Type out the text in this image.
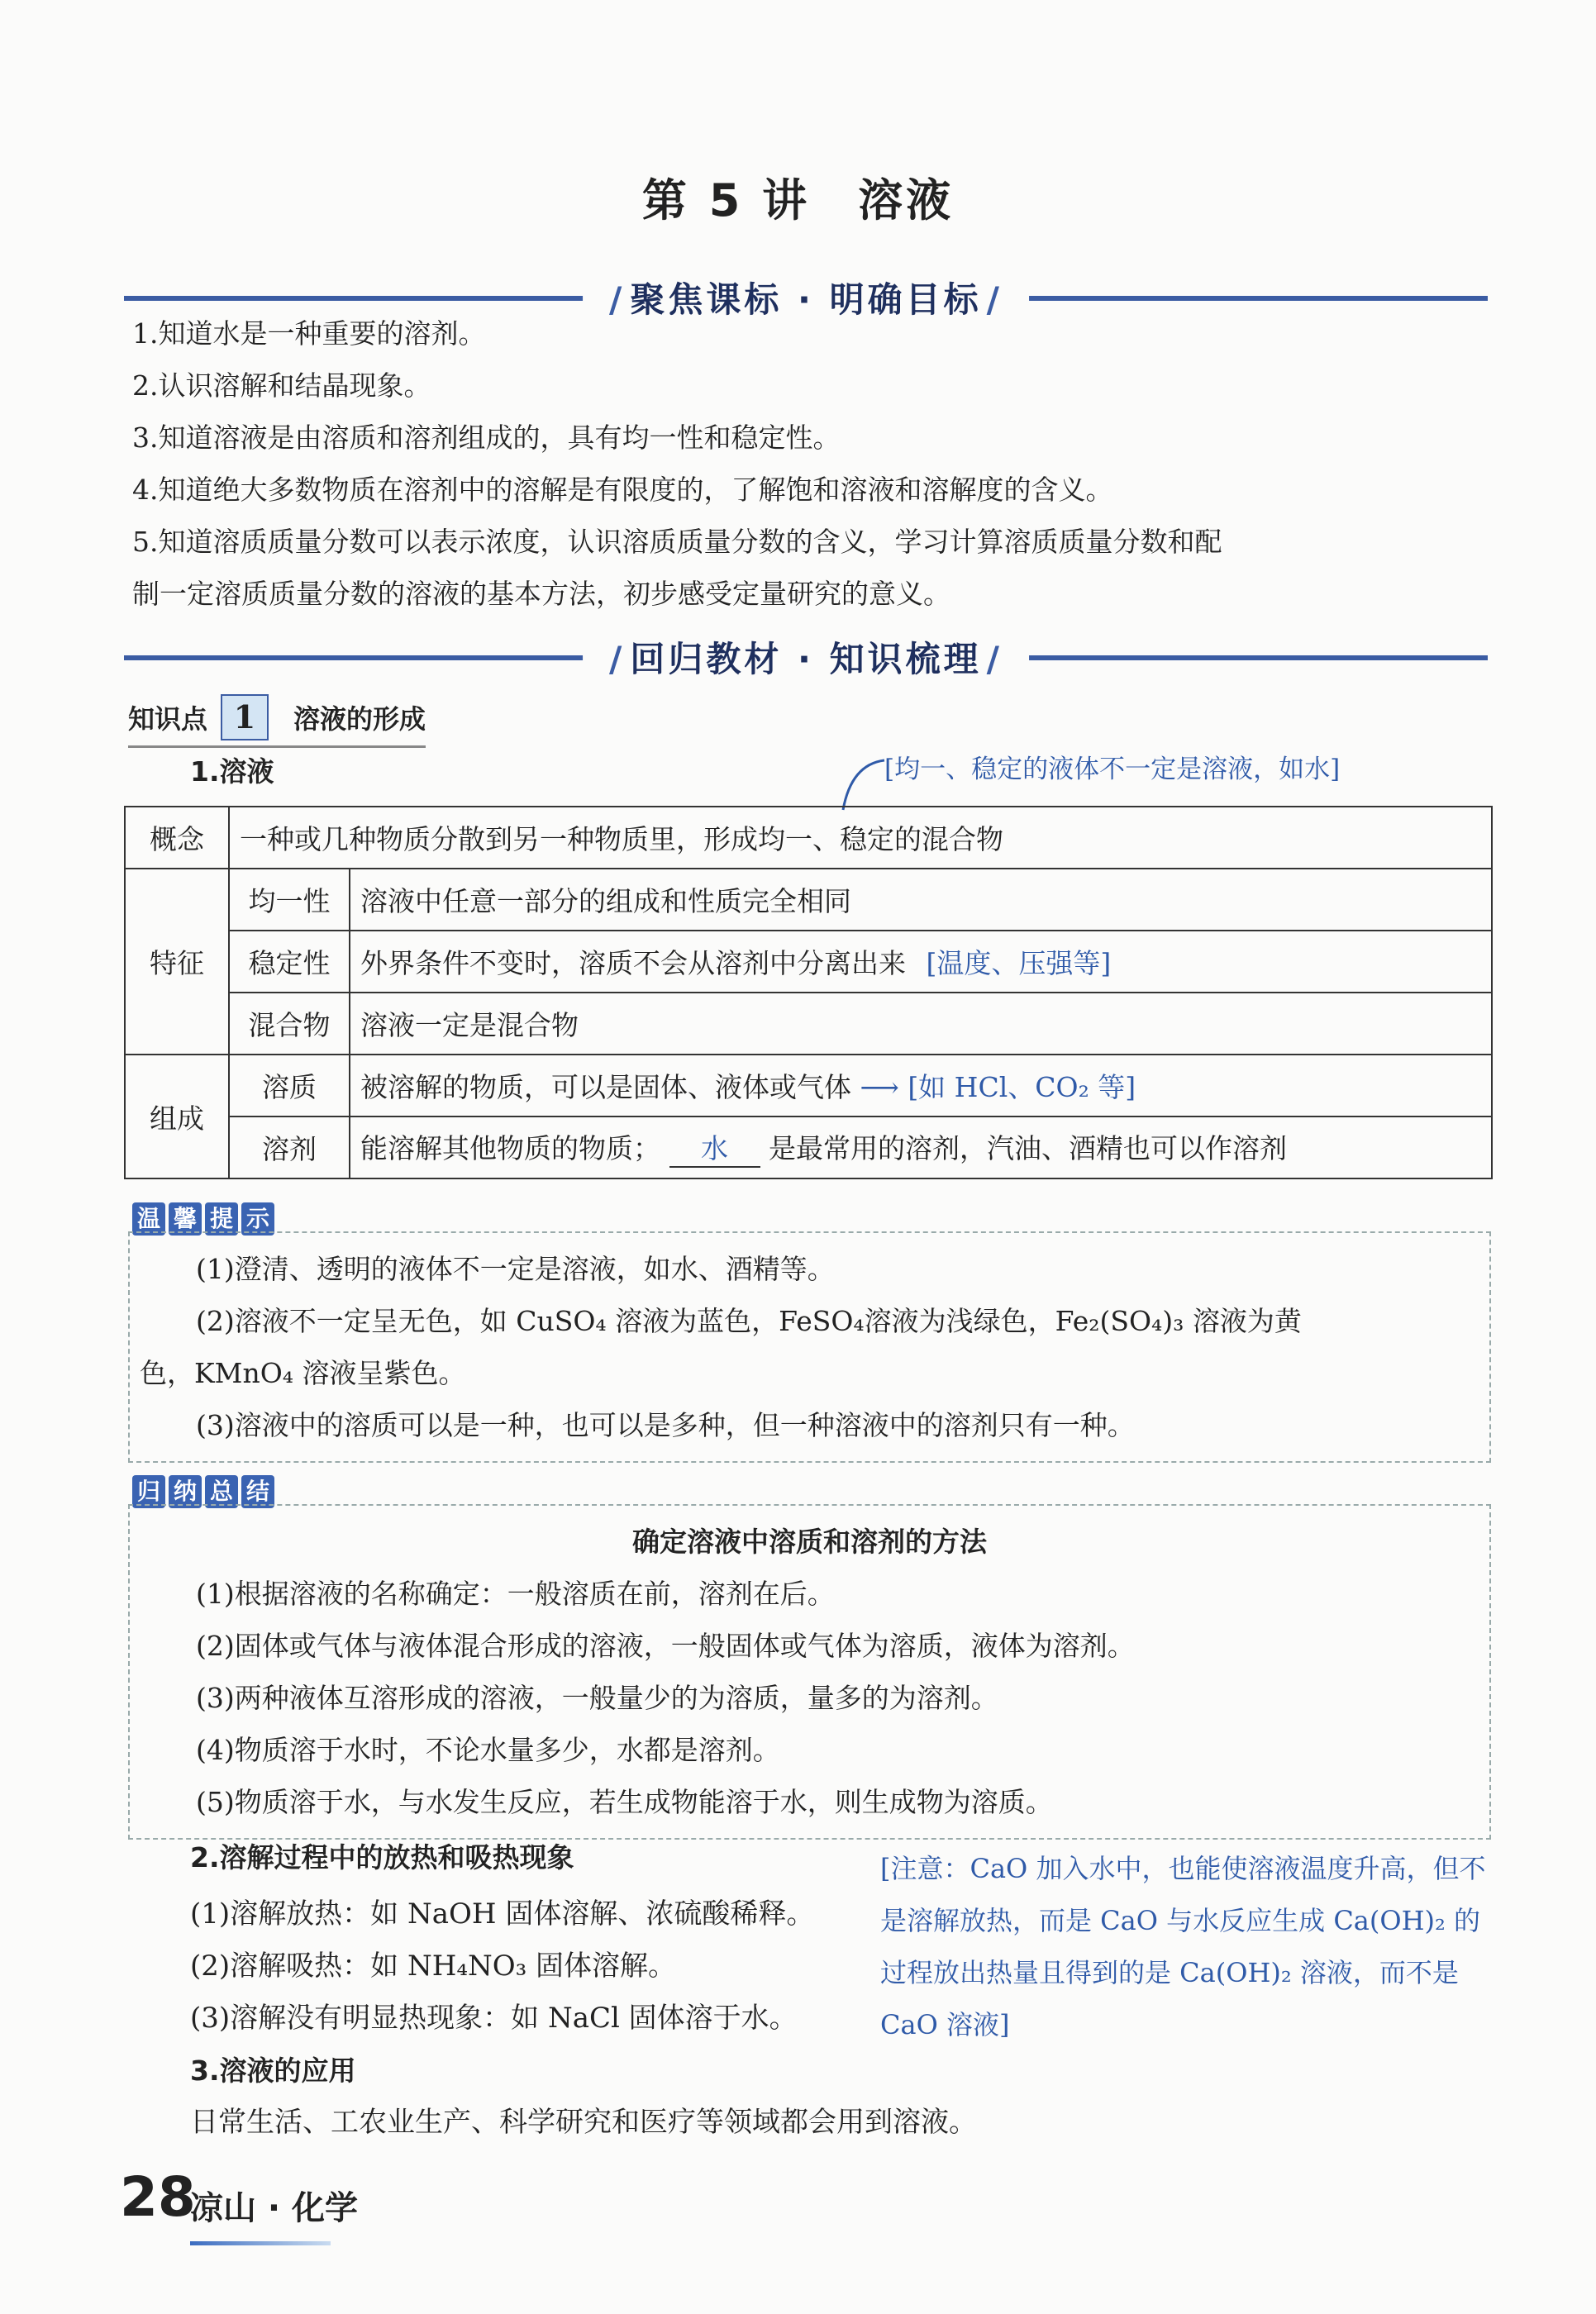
第 5 讲　溶液
/ 聚焦课标 · 明确目标 /

1.知道水是一种重要的溶剂。

2.认识溶解和结晶现象。

3.知道溶液是由溶质和溶剂组成的，具有均一性和稳定性。

4.知道绝大多数物质在溶剂中的溶解是有限度的，了解饱和溶液和溶解度的含义。

5.知道溶质质量分数可以表示浓度，认识溶质质量分数的含义，学习计算溶质质量分数和配

制一定溶质质量分数的溶液的基本方法，初步感受定量研究的意义。

/ 回归教材 · 知识梳理 /
知识点 1	溶液的形成
1.溶液	[均一、稳定的液体不一定是溶液，如水]
概念	一种或几种物质分散到另一种物质里，形成均一、稳定的混合物	
特征	均一性	溶液中任意一部分的组成和性质完全相同
	稳定性	外界条件不变时，溶质不会从溶剂中分离出来 [温度、压强等]
	混合物	溶液一定是混合物
组成	溶质	被溶解的物质，可以是固体、液体或气体 ⟶ [如 HCl、CO₂ 等]
	溶剂	能溶解其他物质的物质； 水 是最常用的溶剂，汽油、酒精也可以作溶剂
温 馨 提 示

(1)澄清、透明的液体不一定是溶液，如水、酒精等。

(2)溶液不一定呈无色，如 CuSO₄ 溶液为蓝色，FeSO₄溶液为浅绿色，Fe₂(SO₄)₃ 溶液为黄

色，KMnO₄ 溶液呈紫色。

(3)溶液中的溶质可以是一种，也可以是多种，但一种溶液中的溶剂只有一种。

归 纳 总 结

确定溶液中溶质和溶剂的方法

(1)根据溶液的名称确定：一般溶质在前，溶剂在后。

(2)固体或气体与液体混合形成的溶液，一般固体或气体为溶质，液体为溶剂。

(3)两种液体互溶形成的溶液，一般量少的为溶质，量多的为溶剂。

(4)物质溶于水时，不论水量多少，水都是溶剂。

(5)物质溶于水，与水发生反应，若生成物能溶于水，则生成物为溶质。

2.溶解过程中的放热和吸热现象

(1)溶解放热：如 NaOH 固体溶解、浓硫酸稀释。

(2)溶解吸热：如 NH₄NO₃ 固体溶解。

(3)溶解没有明显热现象：如 NaCl 固体溶于水。

[注意：CaO 加入水中，也能使溶液温度升高，但不是溶解放热，而是 CaO 与水反应生成 Ca(OH)₂ 的过程放出热量且得到的是 Ca(OH)₂ 溶液，而不是 CaO 溶液]
3.溶液的应用
日常生活、工农业生产、科学研究和医疗等领域都会用到溶液。
28
凉山 · 化学
